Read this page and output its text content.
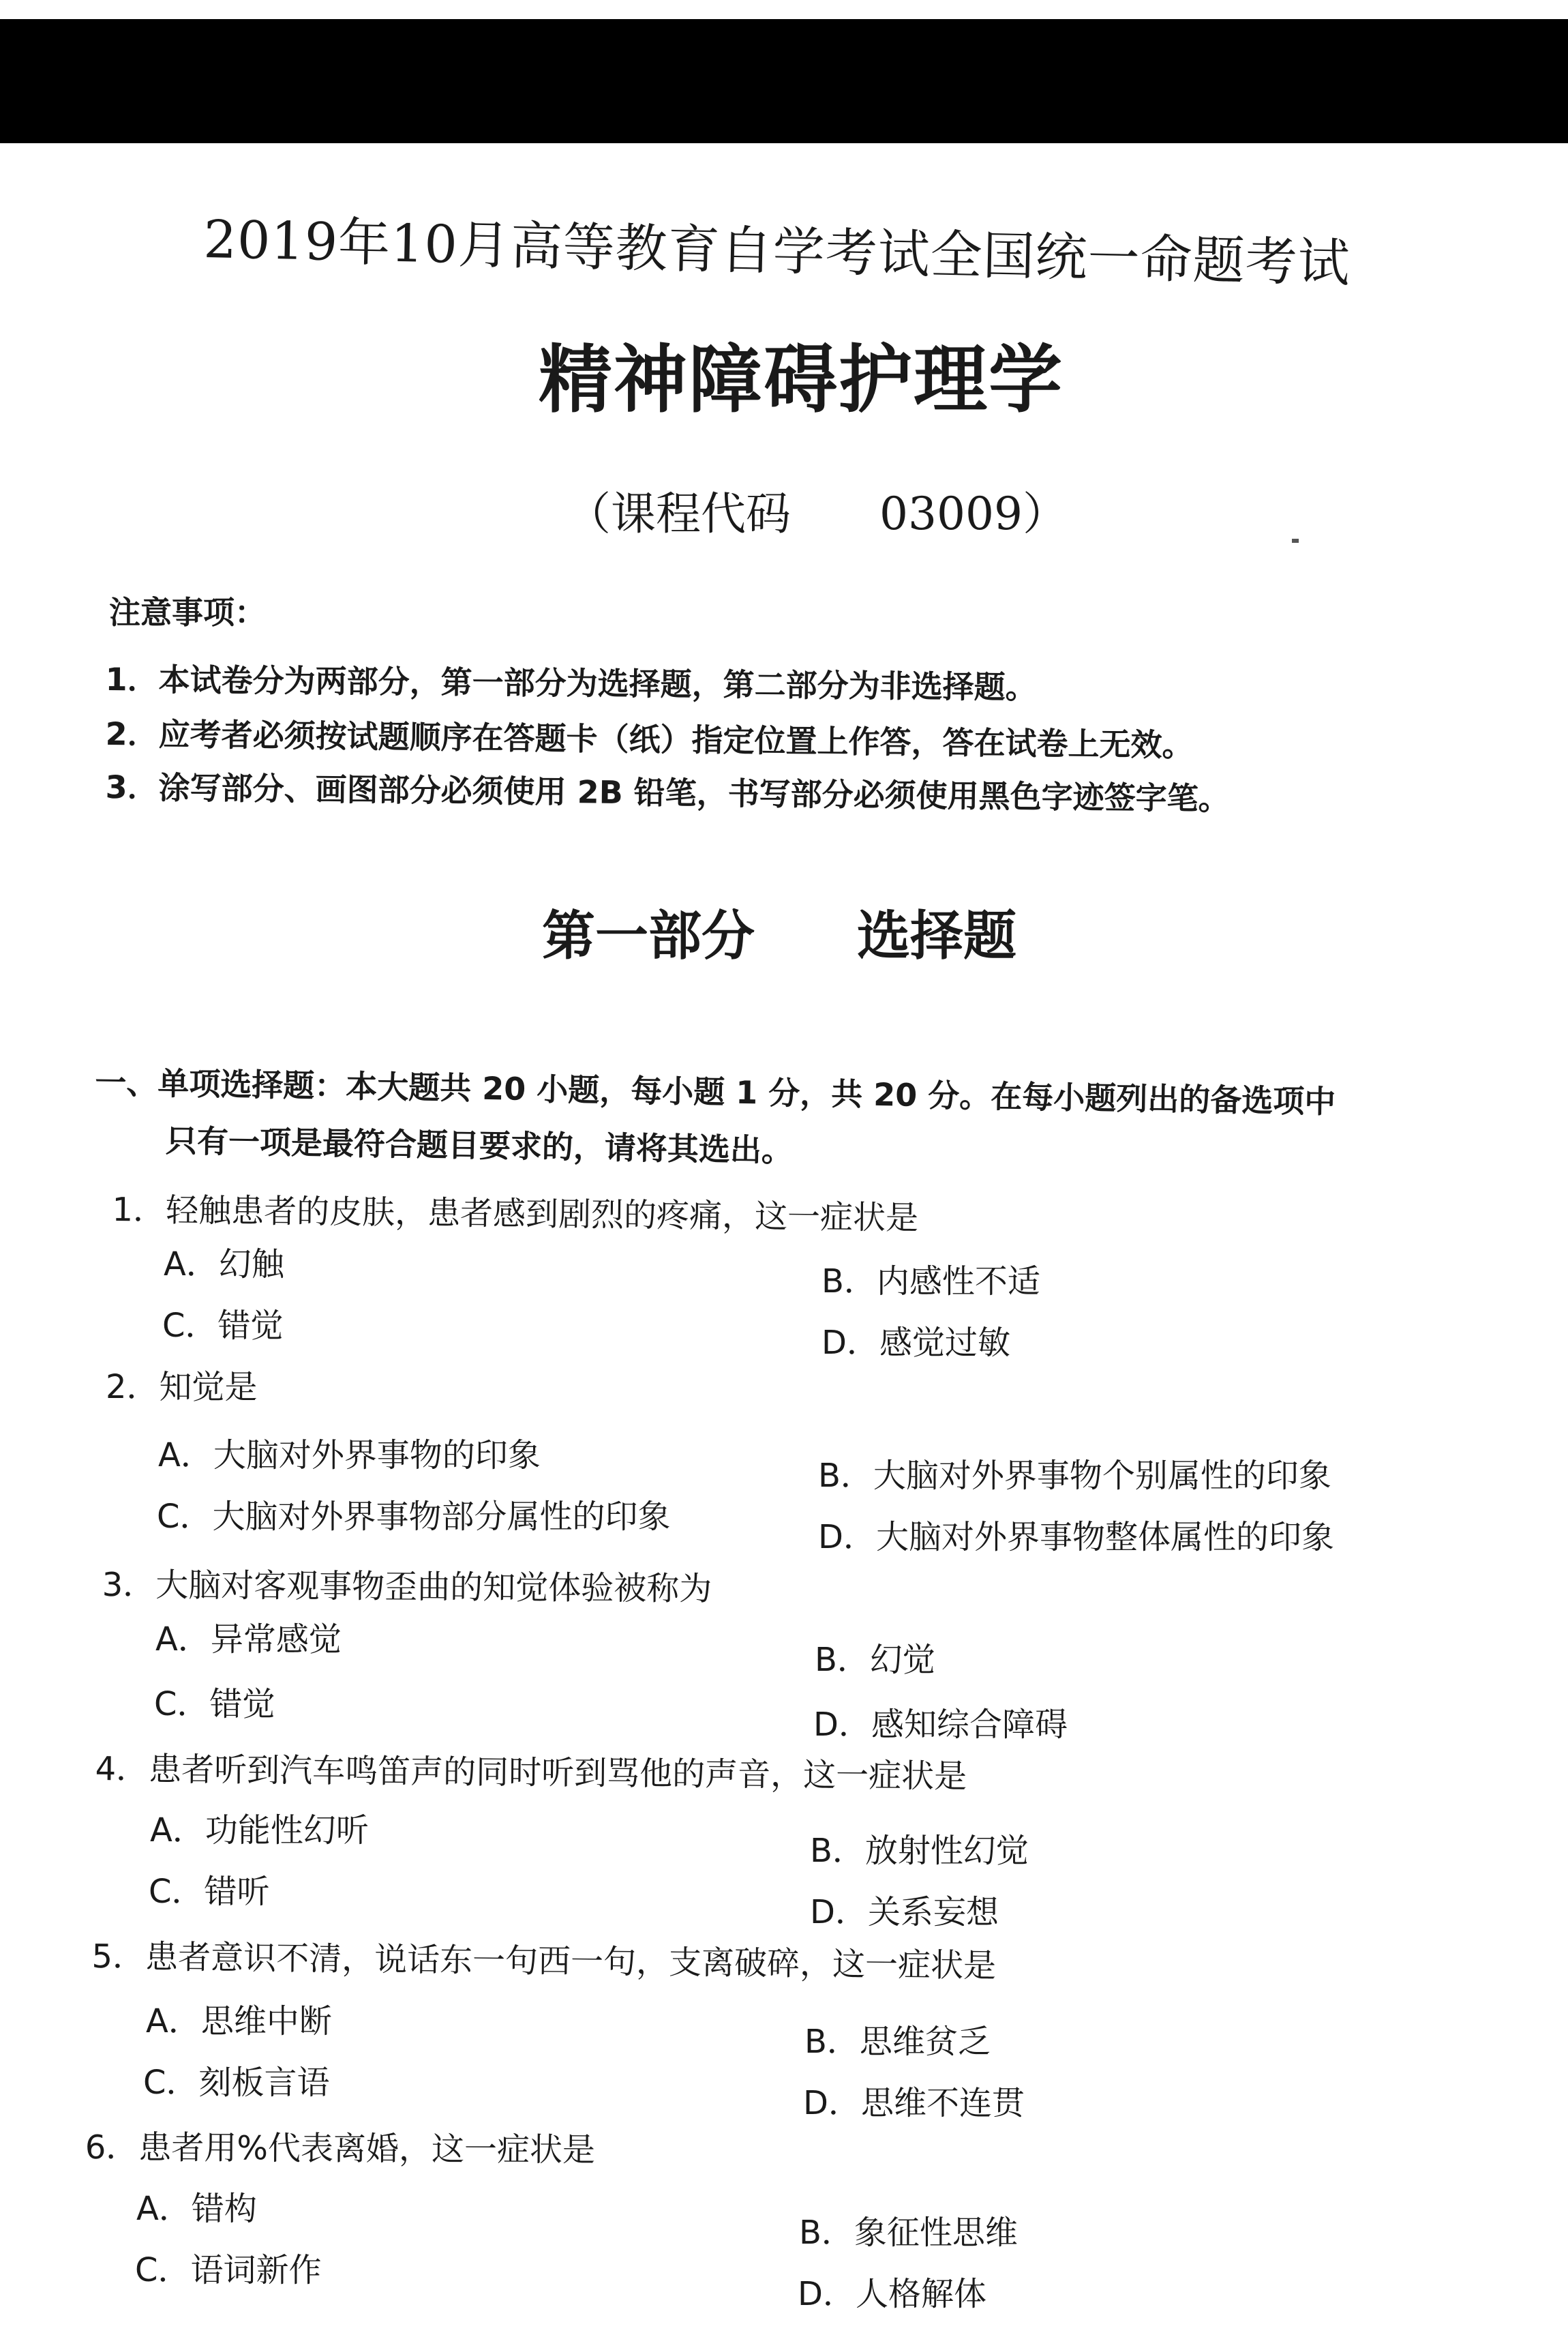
2019年10月高等教育自学考试全国统一命题考试
精神障碍护理学
（课程代码 03009）
注意事项：
1．本试卷分为两部分，第一部分为选择题，第二部分为非选择题。
2．应考者必须按试题顺序在答题卡（纸）指定位置上作答，答在试卷上无效。
3．涂写部分、画图部分必须使用 2B 铅笔，书写部分必须使用黑色字迹签字笔。
第一部分 选择题
一、单项选择题：本大题共 20 小题，每小题 1 分，共 20 分。在每小题列出的备选项中
只有一项是最符合题目要求的，请将其选出。
1．轻触患者的皮肤，患者感到剧烈的疼痛，这一症状是
A．幻触	B．内感性不适
C．错觉	D．感觉过敏
2．知觉是
A．大脑对外界事物的印象
B．大脑对外界事物个别属性的印象
C．大脑对外界事物部分属性的印象
D．大脑对外界事物整体属性的印象
3．大脑对客观事物歪曲的知觉体验被称为
A．异常感觉
B．幻觉
C．错觉
D．感知综合障碍
4．患者听到汽车鸣笛声的同时听到骂他的声音，这一症状是
A．功能性幻听
B．放射性幻觉
C．错听
D．关系妄想
5．患者意识不清，说话东一句西一句，支离破碎，这一症状是
A．思维中断
B．思维贫乏
C．刻板言语
D．思维不连贯
6．患者用%代表离婚，这一症状是
A．错构
B．象征性思维
C．语词新作
D．人格解体
